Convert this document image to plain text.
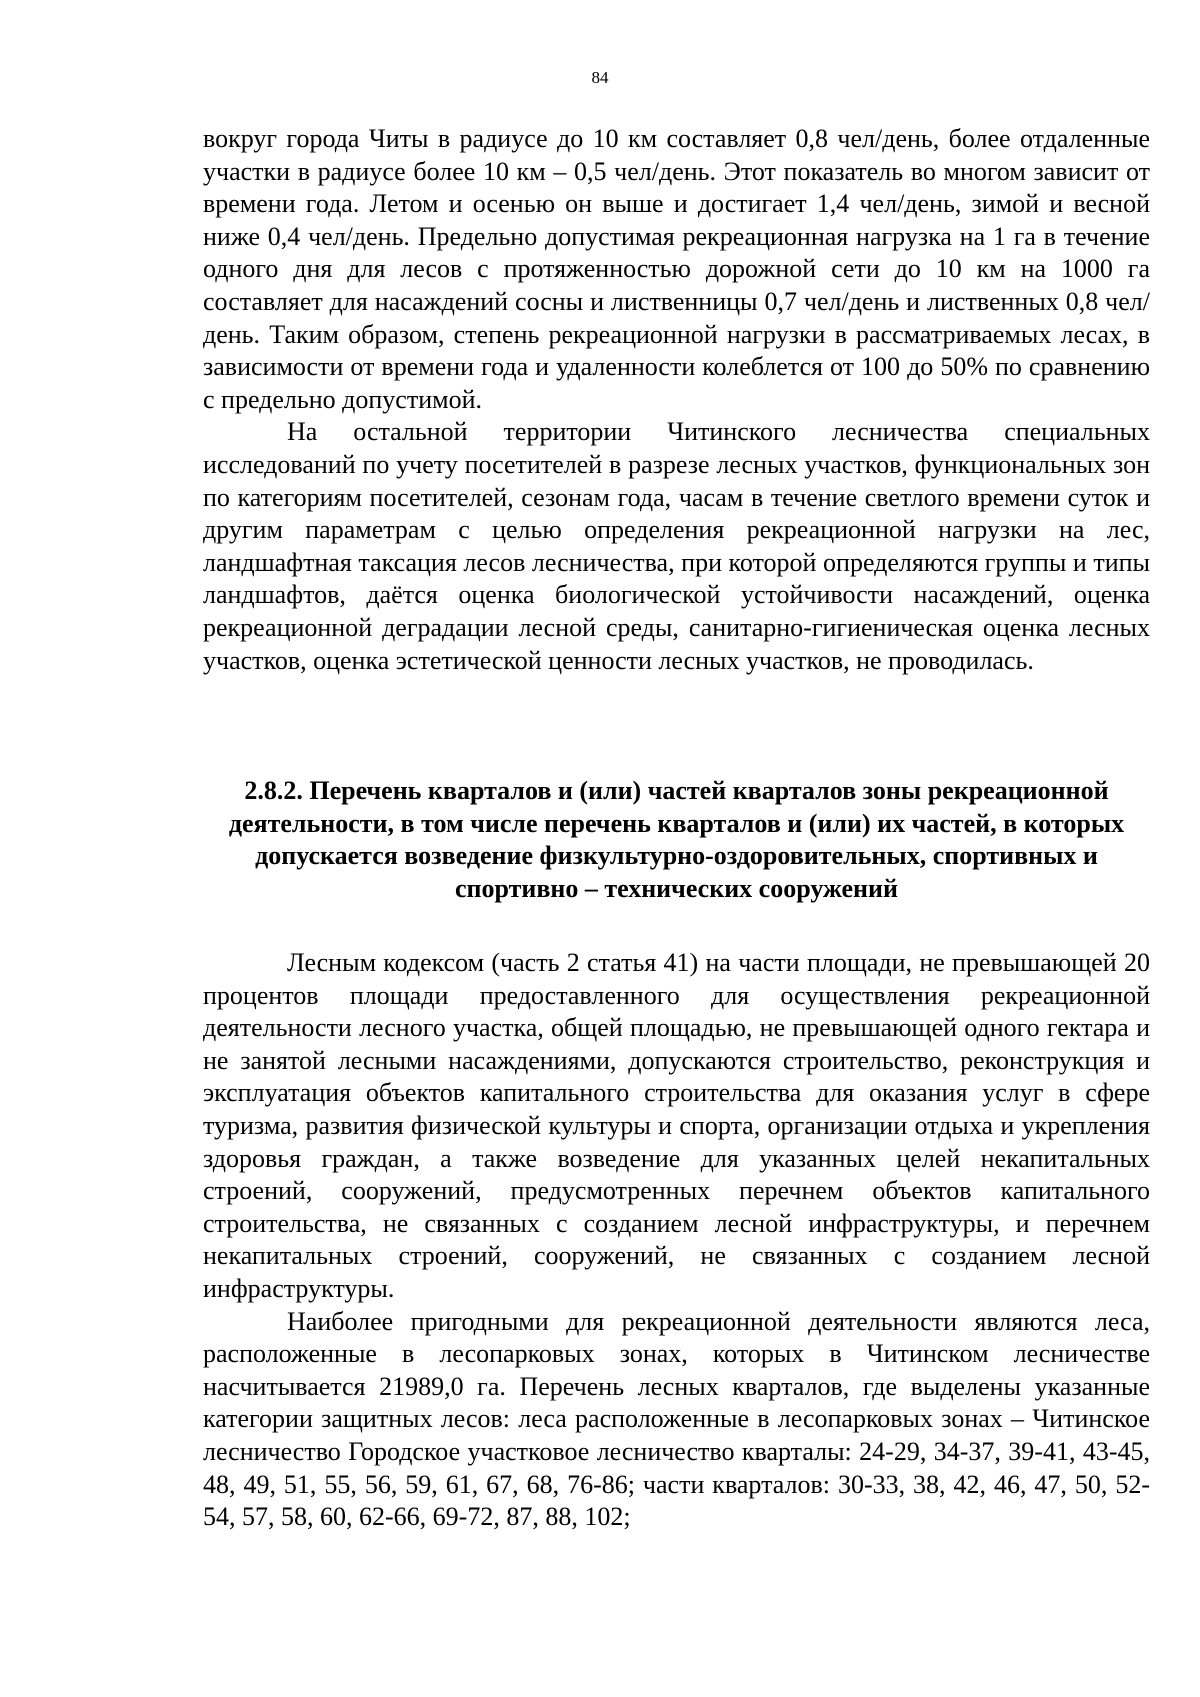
84

вокруг города Читы в радиусе до 10 км составляет 0,8 чел/день, более отдаленные участки в радиусе более 10 км – 0,5 чел/день. Этот показатель во многом зависит от времени года. Летом и осенью он выше и достигает 1,4 чел/день, зимой и весной ниже 0,4 чел/день. Предельно допустимая рекреационная нагрузка на 1 га в течение одного дня для лесов с протяженностью дорожной сети до 10 км на 1000 га составляет для насаждений сосны и лиственницы 0,7 чел/день и лиственных 0,8 чел/день. Таким образом, степень рекреационной нагрузки в рассматриваемых лесах, в зависимости от времени года и удаленности колеблется от 100 до 50% по сравнению с предельно допустимой.

На остальной территории Читинского лесничества специальных исследований по учету посетителей в разрезе лесных участков, функциональных зон по категориям посетителей, сезонам года, часам в течение светлого времени суток и другим параметрам с целью определения рекреационной нагрузки на лес, ландшафтная таксация лесов лесничества, при которой определяются группы и типы ландшафтов, даётся оценка биологической устойчивости насаждений, оценка рекреационной деградации лесной среды, санитарно-гигиеническая оценка лесных участков, оценка эстетической ценности лесных участков, не проводилась.

2.8.2. Перечень кварталов и (или) частей кварталов зоны рекреационной деятельности, в том числе перечень кварталов и (или) их частей, в которых допускается возведение физкультурно-оздоровительных, спортивных и спортивно – технических сооружений

Лесным кодексом (часть 2 статья 41) на части площади, не превышающей 20 процентов площади предоставленного для осуществления рекреационной деятельности лесного участка, общей площадью, не превышающей одного гектара и не занятой лесными насаждениями, допускаются строительство, реконструкция и эксплуатация объектов капитального строительства для оказания услуг в сфере туризма, развития физической культуры и спорта, организации отдыха и укрепления здоровья граждан, а также возведение для указанных целей некапитальных строений, сооружений, предусмотренных перечнем объектов капитального строительства, не связанных с созданием лесной инфраструктуры, и перечнем некапитальных строений, сооружений, не связанных с созданием лесной инфраструктуры.

Наиболее пригодными для рекреационной деятельности являются леса, расположенные в лесопарковых зонах, которых в Читинском лесничестве насчитывается 21989,0 га. Перечень лесных кварталов, где выделены указанные категории защитных лесов: леса расположенные в лесопарковых зонах – Читинское лесничество Городское участковое лесничество кварталы: 24-29, 34-37, 39-41, 43-45, 48, 49, 51, 55, 56, 59, 61, 67, 68, 76-86; части кварталов: 30-33, 38, 42, 46, 47, 50, 52-54, 57, 58, 60, 62-66, 69-72, 87, 88, 102;
